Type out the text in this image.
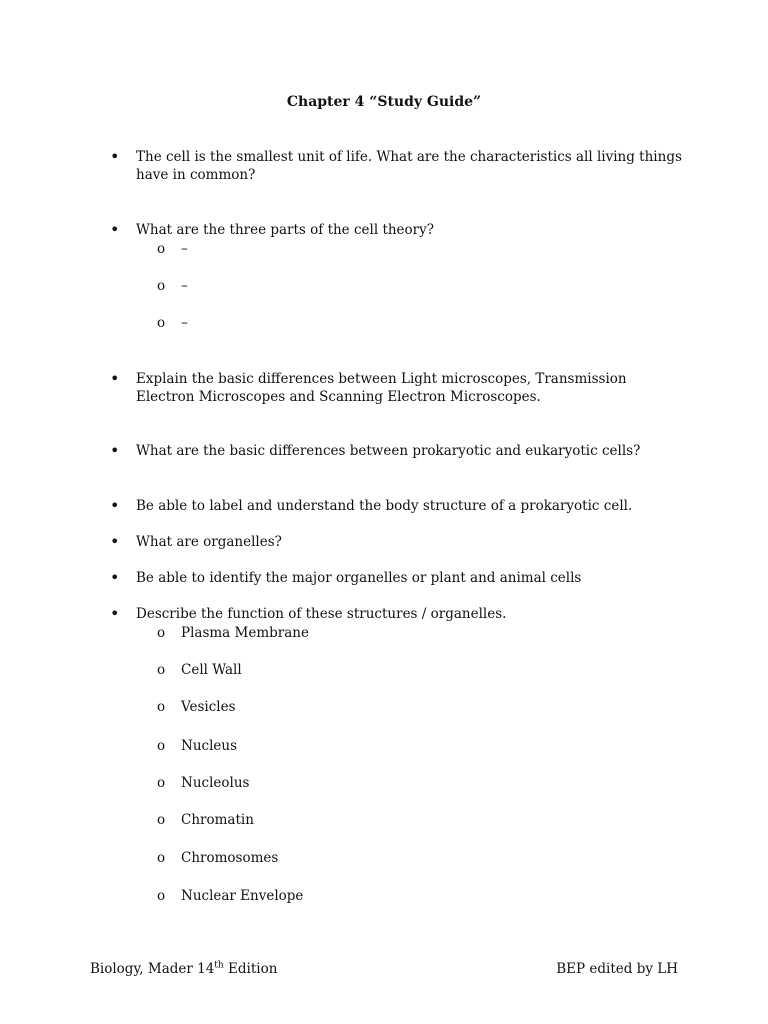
Chapter 4 “Study Guide”
• The cell is the smallest unit of life. What are the characteristics all living things have in common?
• What are the three parts of the cell theory?
o –
o –
o –
• Explain the basic differences between Light microscopes, Transmission Electron Microscopes and Scanning Electron Microscopes.
• What are the basic differences between prokaryotic and eukaryotic cells?
• Be able to label and understand the body structure of a prokaryotic cell.
• What are organelles?
• Be able to identify the major organelles or plant and animal cells
• Describe the function of these structures / organelles.
o Plasma Membrane
o Cell Wall
o Vesicles
o Nucleus
o Nucleolus
o Chromatin
o Chromosomes
o Nuclear Envelope
Biology, Mader 14th Edition	BEP edited by LH
